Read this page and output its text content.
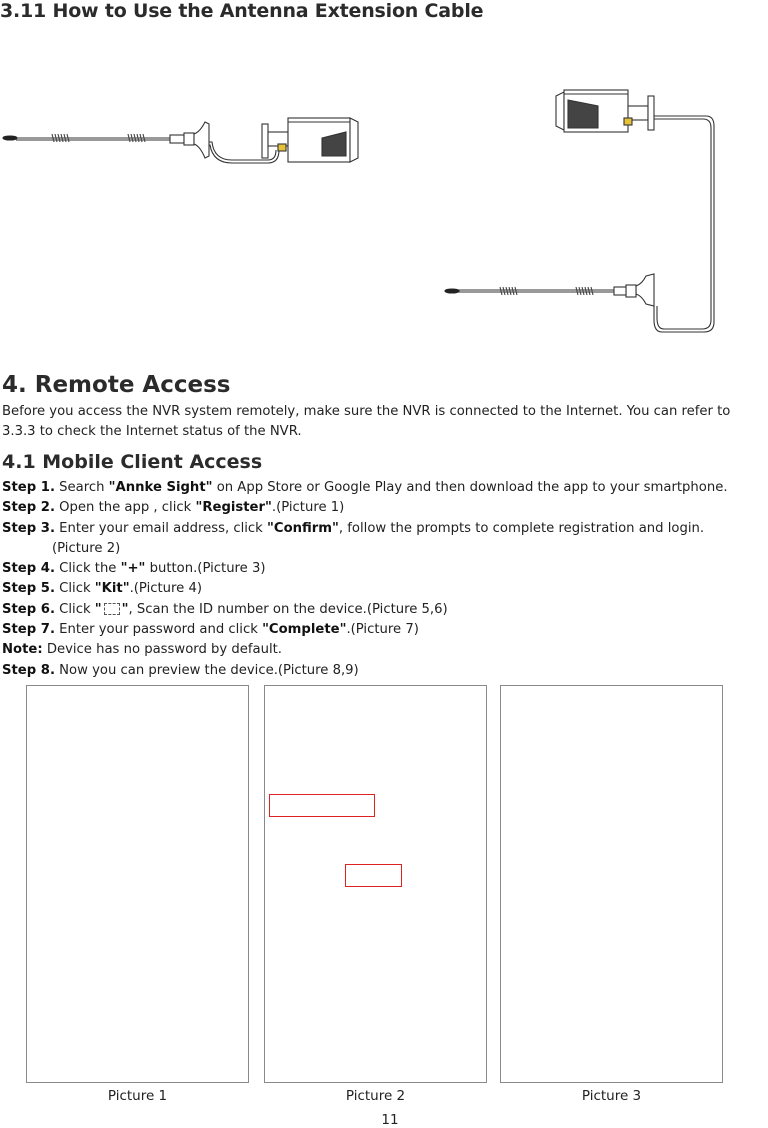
3.11 How to Use the Antenna Extension Cable
4. Remote Access
Before you access the NVR system remotely, make sure the NVR is connected to the Internet. You can refer to 3.3.3 to check the Internet status of the NVR.
4.1 Mobile Client Access
Step 1. Search "Annke Sight" on App Store or Google Play and then download the app to your smartphone.
Step 2. Open the app , click "Register".(Picture 1)
Step 3. Enter your email address, click "Confirm", follow the prompts to complete registration and login.
(Picture 2)
Step 4. Click the "+" button.(Picture 3)
Step 5. Click "Kit".(Picture 4)
Step 6. Click " ", Scan the ID number on the device.(Picture 5,6)
Step 7. Enter your password and click "Complete".(Picture 7)
Note: Device has no password by default.
Step 8. Now you can preview the device.(Picture 8,9)
Picture 1	Picture 2	Picture 3
11
